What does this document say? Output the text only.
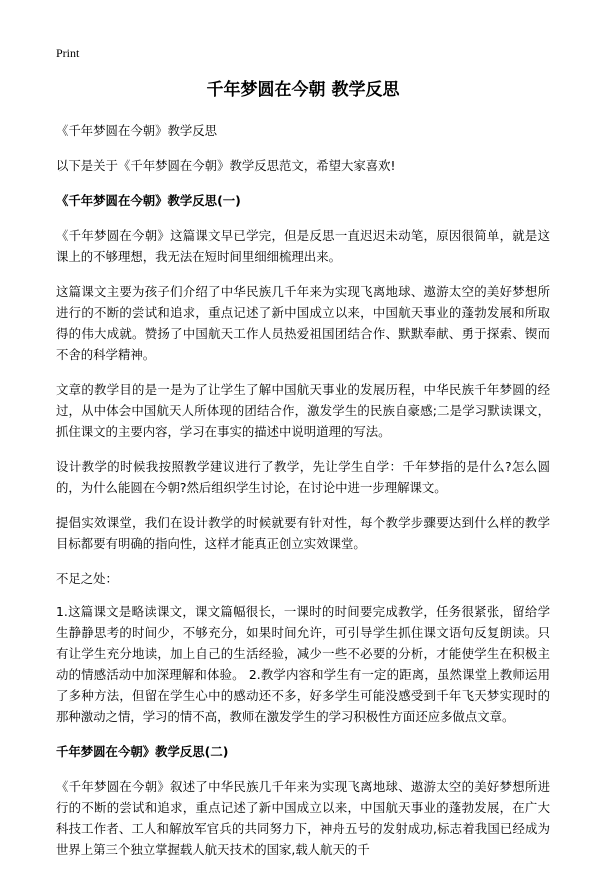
Print
千年梦圆在今朝 教学反思

《千年梦圆在今朝》教学反思

以下是关于《千年梦圆在今朝》教学反思范文，希望大家喜欢!

《千年梦圆在今朝》教学反思(一)

《千年梦圆在今朝》这篇课文早已学完，但是反思一直迟迟未动笔，原因很简单，就是这课上的不够理想，我无法在短时间里细细梳理出来。

这篇课文主要为孩子们介绍了中华民族几千年来为实现飞离地球、遨游太空的美好梦想所进行的不断的尝试和追求，重点记述了新中国成立以来，中国航天事业的蓬勃发展和所取得的伟大成就。赞扬了中国航天工作人员热爱祖国团结合作、默默奉献、勇于探索、锲而不舍的科学精神。

文章的教学目的是一是为了让学生了解中国航天事业的发展历程，中华民族千年梦圆的经过，从中体会中国航天人所体现的团结合作，激发学生的民族自豪感;二是学习默读课文，抓住课文的主要内容，学习在事实的描述中说明道理的写法。

设计教学的时候我按照教学建议进行了教学，先让学生自学：千年梦指的是什么?怎么圆的，为什么能圆在今朝?然后组织学生讨论，在讨论中进一步理解课文。

提倡实效课堂，我们在设计教学的时候就要有针对性，每个教学步骤要达到什么样的教学目标都要有明确的指向性，这样才能真正创立实效课堂。

不足之处：

1.这篇课文是略读课文，课文篇幅很长，一课时的时间要完成教学，任务很紧张，留给学生静静思考的时间少，不够充分，如果时间允许，可引导学生抓住课文语句反复朗读。只有让学生充分地读，加上自己的生活经验，减少一些不必要的分析，才能使学生在积极主动的情感活动中加深理解和体验。 2.教学内容和学生有一定的距离，虽然课堂上教师运用了多种方法，但留在学生心中的感动还不多，好多学生可能没感受到千年飞天梦实现时的那种激动之情，学习的情不高，教师在激发学生的学习积极性方面还应多做点文章。

千年梦圆在今朝》教学反思(二)

《千年梦圆在今朝》叙述了中华民族几千年来为实现飞离地球、遨游太空的美好梦想所进行的不断的尝试和追求，重点记述了新中国成立以来，中国航天事业的蓬勃发展，在广大科技工作者、工人和解放军官兵的共同努力下，神舟五号的发射成功,标志着我国已经成为世界上第三个独立掌握载人航天技术的国家,载人航天的千
